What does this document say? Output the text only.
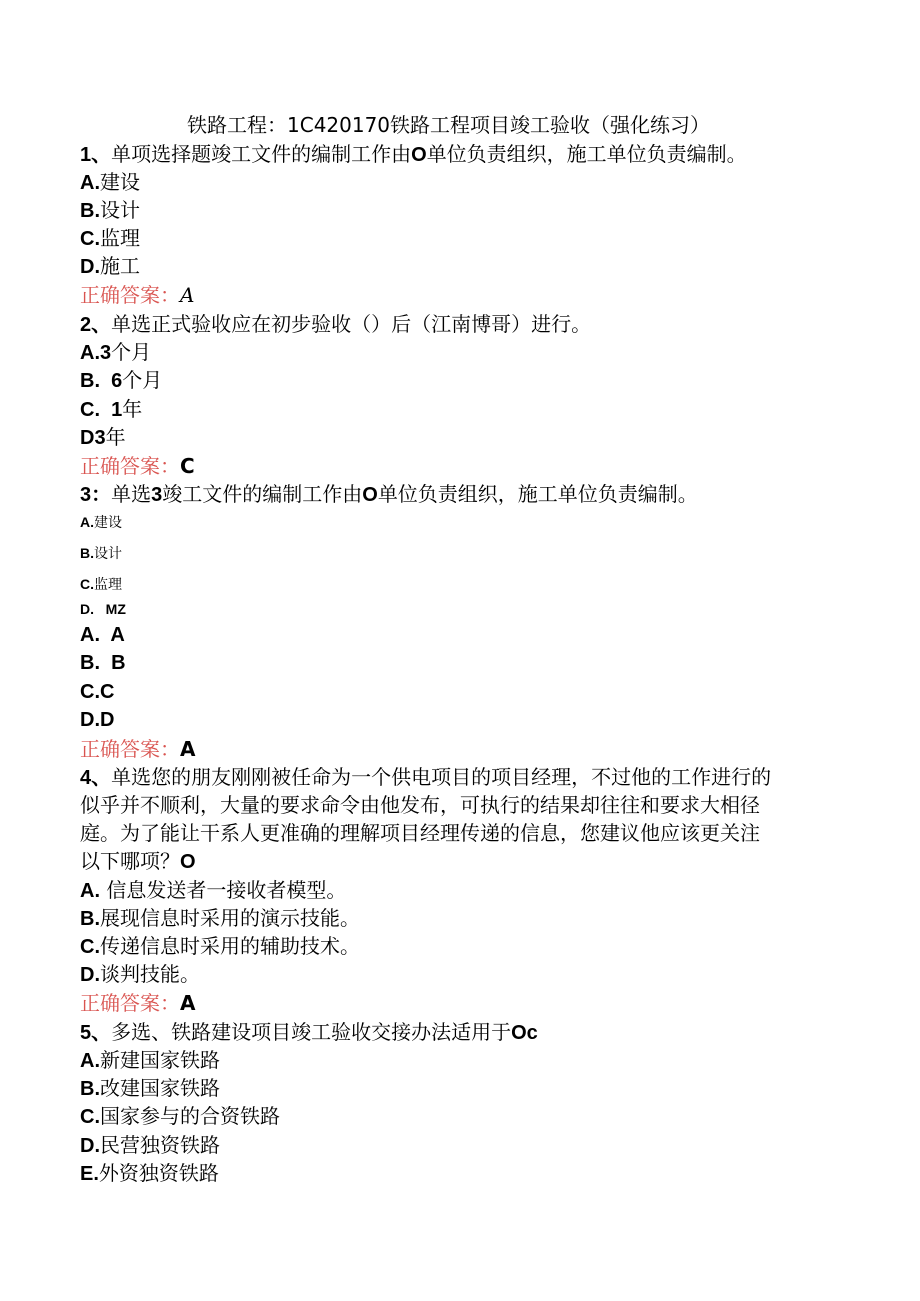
铁路工程：1C420170铁路工程项目竣工验收（强化练习）
1、单项选择题竣工文件的编制工作由O单位负责组织，施工单位负责编制。
A.建设
B.设计
C.监理
D.施工
正确答案：A
2、单选正式验收应在初步验收（）后（江南博哥）进行。
A.3个月
B.  6个月
C.  1年
D3年
正确答案：C
3：单选3竣工文件的编制工作由O单位负责组织，施工单位负责编制。
A.建设
B.设计
C.监理
D.   MZ
A.  A
B.  B
C.C
D.D
正确答案：A
4、单选您的朋友刚刚被任命为一个供电项目的项目经理，不过他的工作进行的
似乎并不顺利，大量的要求命令由他发布，可执行的结果却往往和要求大相径
庭。为了能让干系人更准确的理解项目经理传递的信息，您建议他应该更关注
以下哪项？O
A. 信息发送者一接收者模型。
B.展现信息时采用的演示技能。
C.传递信息时采用的辅助技术。
D.谈判技能。
正确答案：A
5、多选、铁路建设项目竣工验收交接办法适用于Oc
A.新建国家铁路
B.改建国家铁路
C.国家参与的合资铁路
D.民营独资铁路
E.外资独资铁路
